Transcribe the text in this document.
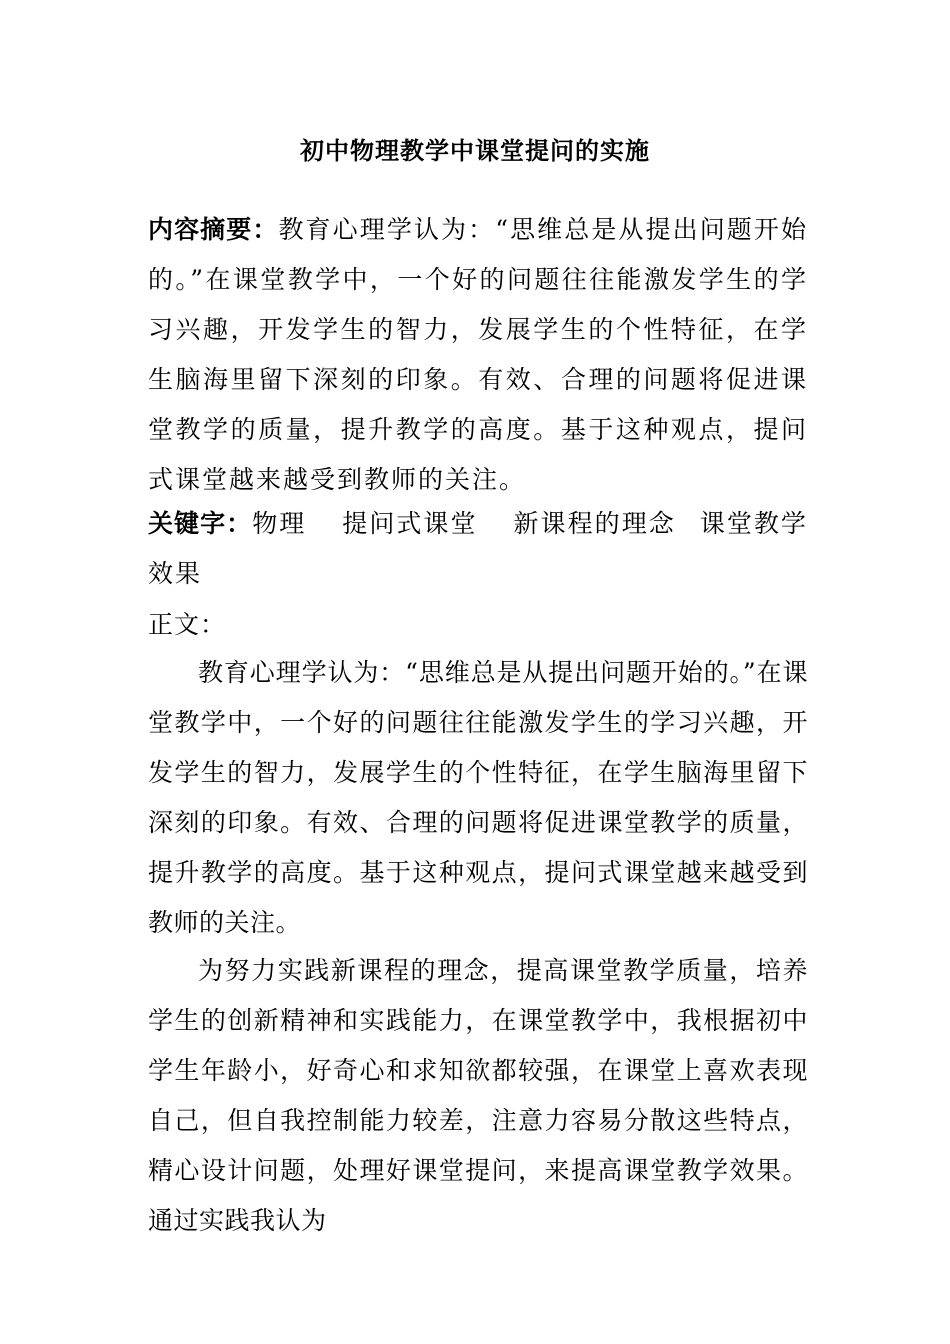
初中物理教学中课堂提问的实施
内容摘要：教育心理学认为：“思维总是从提出问题开始的。”在课堂教学中，一个好的问题往往能激发学生的学习兴趣，开发学生的智力，发展学生的个性特征，在学生脑海里留下深刻的印象。有效、合理的问题将促进课堂教学的质量，提升教学的高度。基于这种观点，提问式课堂越来越受到教师的关注。
关键字：物理 提问式课堂 新课程的理念 课堂教学效果
正文：
教育心理学认为：“思维总是从提出问题开始的。”在课堂教学中，一个好的问题往往能激发学生的学习兴趣，开发学生的智力，发展学生的个性特征，在学生脑海里留下深刻的印象。有效、合理的问题将促进课堂教学的质量，提升教学的高度。基于这种观点，提问式课堂越来越受到教师的关注。
为努力实践新课程的理念，提高课堂教学质量，培养学生的创新精神和实践能力，在课堂教学中，我根据初中学生年龄小，好奇心和求知欲都较强，在课堂上喜欢表现自己，但自我控制能力较差，注意力容易分散这些特点，精心设计问题，处理好课堂提问，来提高课堂教学效果。通过实践我认为
